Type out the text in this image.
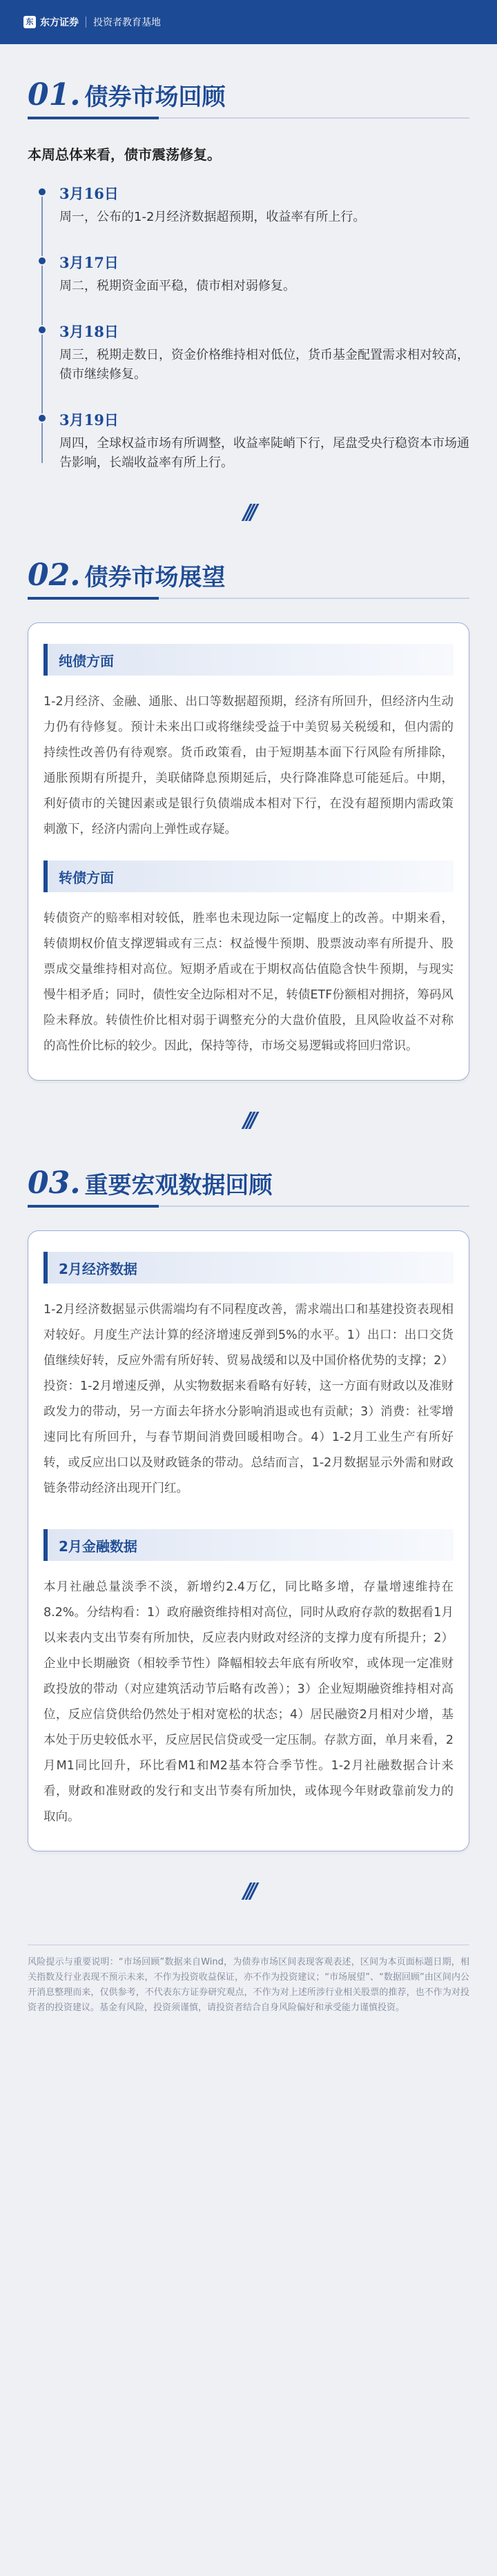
东 东方证券 投资者教育基地
01. 债券市场回顾
本周总体来看，债市震荡修复。
3月16日
周一，公布的1-2月经济数据超预期，收益率有所上行。
3月17日
周二，税期资金面平稳，债市相对弱修复。
3月18日
周三，税期走数日，资金价格维持相对低位，货币基金配置需求相对较高，债市继续修复。
3月19日
周四，全球权益市场有所调整，收益率陡峭下行，尾盘受央行稳资本市场通告影响，长端收益率有所上行。
///
02. 债券市场展望
纯债方面
1-2月经济、金融、通胀、出口等数据超预期，经济有所回升，但经济内生动力仍有待修复。预计未来出口或将继续受益于中美贸易关税缓和，但内需的持续性改善仍有待观察。货币政策看，由于短期基本面下行风险有所排除，通胀预期有所提升，美联储降息预期延后，央行降准降息可能延后。中期，利好债市的关键因素或是银行负债端成本相对下行，在没有超预期内需政策刺激下，经济内需向上弹性或存疑。
转债方面
转债资产的赔率相对较低，胜率也未现边际一定幅度上的改善。中期来看，转债期权价值支撑逻辑或有三点：权益慢牛预期、股票波动率有所提升、股票成交量维持相对高位。短期矛盾或在于期权高估值隐含快牛预期，与现实慢牛相矛盾；同时，债性安全边际相对不足，转债ETF份额相对拥挤，筹码风险未释放。转债性价比相对弱于调整充分的大盘价值股，且风险收益不对称的高性价比标的较少。因此，保持等待，市场交易逻辑或将回归常识。
///
03. 重要宏观数据回顾
2月经济数据
1-2月经济数据显示供需端均有不同程度改善，需求端出口和基建投资表现相对较好。月度生产法计算的经济增速反弹到5%的水平。1）出口：出口交货值继续好转，反应外需有所好转、贸易战缓和以及中国价格优势的支撑；2）投资：1-2月增速反弹，从实物数据来看略有好转，这一方面有财政以及准财政发力的带动，另一方面去年挤水分影响消退或也有贡献；3）消费：社零增速同比有所回升，与春节期间消费回暖相吻合。4）1-2月工业生产有所好转，或反应出口以及财政链条的带动。总结而言，1-2月数据显示外需和财政链条带动经济出现开门红。
2月金融数据
本月社融总量淡季不淡，新增约2.4万亿，同比略多增，存量增速维持在8.2%。分结构看：1）政府融资维持相对高位，同时从政府存款的数据看1月以来表内支出节奏有所加快，反应表内财政对经济的支撑力度有所提升；2）企业中长期融资（相较季节性）降幅相较去年底有所收窄，或体现一定准财政投放的带动（对应建筑活动节后略有改善）；3）企业短期融资维持相对高位，反应信贷供给仍然处于相对宽松的状态；4）居民融资2月相对少增，基本处于历史较低水平，反应居民信贷或受一定压制。存款方面，单月来看，2月M1同比回升，环比看M1和M2基本符合季节性。1-2月社融数据合计来看，财政和准财政的发行和支出节奏有所加快，或体现今年财政靠前发力的取向。
///
风险提示与重要说明：“市场回顾”数据来自Wind，为债券市场区间表现客观表述，区间为本页面标题日期，相关指数及行业表现不预示未来，不作为投资收益保证，亦不作为投资建议；“市场展望”、“数据回顾”由区间内公开消息整理而来，仅供参考，不代表东方证券研究观点，不作为对上述所涉行业相关股票的推荐，也不作为对投资者的投资建议。基金有风险，投资须谨慎，请投资者结合自身风险偏好和承受能力谨慎投资。
